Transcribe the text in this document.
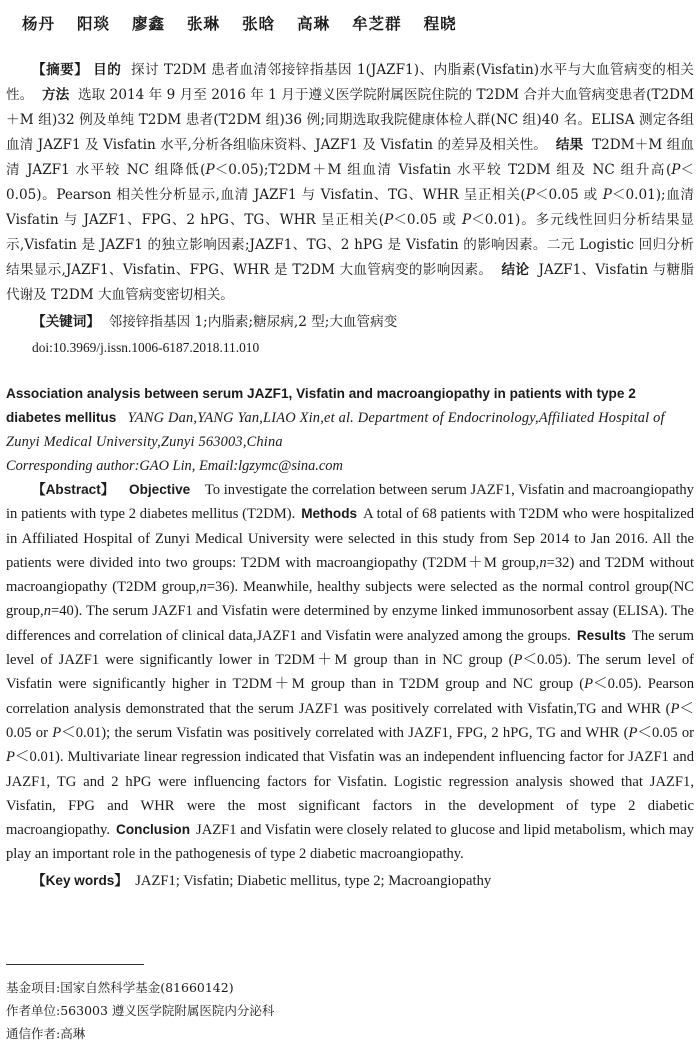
杨丹 阳琰 廖鑫 张琳 张晗 高琳 牟芝群 程晓

【摘要】 目的 探讨 T2DM 患者血清邻接锌指基因 1(JAZF1)、内脂素(Visfatin)水平与大血管病变的相关性。 方法 选取 2014 年 9 月至 2016 年 1 月于遵义医学院附属医院住院的 T2DM 合并大血管病变患者(T2DM＋M 组)32 例及单纯 T2DM 患者(T2DM 组)36 例;同期选取我院健康体检人群(NC 组)40 名。ELISA 测定各组血清 JAZF1 及 Visfatin 水平,分析各组临床资料、JAZF1 及 Visfatin 的差异及相关性。 结果 T2DM＋M 组血清 JAZF1 水平较 NC 组降低(P＜0.05);T2DM＋M 组血清 Visfatin 水平较 T2DM 组及 NC 组升高(P＜0.05)。Pearson 相关性分析显示,血清 JAZF1 与 Visfatin、TG、WHR 呈正相关(P＜0.05 或 P＜0.01);血清 Visfatin 与 JAZF1、FPG、2 hPG、TG、WHR 呈正相关(P＜0.05 或 P＜0.01)。多元线性回归分析结果显示,Visfatin 是 JAZF1 的独立影响因素;JAZF1、TG、2 hPG 是 Visfatin 的影响因素。二元 Logistic 回归分析结果显示,JAZF1、Visfatin、FPG、WHR 是 T2DM 大血管病变的影响因素。 结论 JAZF1、Visfatin 与糖脂代谢及 T2DM 大血管病变密切相关。

【关键词】 邻接锌指基因 1;内脂素;糖尿病,2 型;大血管病变

doi:10.3969/j.issn.1006-6187.2018.11.010

Association analysis between serum JAZF1, Visfatin and macroangiopathy in patients with type 2 diabetes mellitus YANG Dan,YANG Yan,LIAO Xin,et al. Department of Endocrinology,Affiliated Hospital of Zunyi Medical University,Zunyi 563003,China

Corresponding author:GAO Lin, Email:lgzymc@sina.com

【Abstract】 Objective To investigate the correlation between serum JAZF1, Visfatin and macroangiopathy in patients with type 2 diabetes mellitus (T2DM). Methods A total of 68 patients with T2DM who were hospitalized in Affiliated Hospital of Zunyi Medical University were selected in this study from Sep 2014 to Jan 2016. All the patients were divided into two groups: T2DM with macroangiopathy (T2DM＋M group,n=32) and T2DM without macroangiopathy (T2DM group,n=36). Meanwhile, healthy subjects were selected as the normal control group(NC group,n=40). The serum JAZF1 and Visfatin were determined by enzyme linked immunosorbent assay (ELISA). The differences and correlation of clinical data,JAZF1 and Visfatin were analyzed among the groups. Results The serum level of JAZF1 were significantly lower in T2DM＋M group than in NC group (P＜0.05). The serum level of Visfatin were significantly higher in T2DM＋M group than in T2DM group and NC group (P＜0.05). Pearson correlation analysis demonstrated that the serum JAZF1 was positively correlated with Visfatin,TG and WHR (P＜0.05 or P＜0.01); the serum Visfatin was positively correlated with JAZF1, FPG, 2 hPG, TG and WHR (P＜0.05 or P＜0.01). Multivariate linear regression indicated that Visfatin was an independent influencing factor for JAZF1 and JAZF1, TG and 2 hPG were influencing factors for Visfatin. Logistic regression analysis showed that JAZF1, Visfatin, FPG and WHR were the most significant factors in the development of type 2 diabetic macroangiopathy. Conclusion JAZF1 and Visfatin were closely related to glucose and lipid metabolism, which may play an important role in the pathogenesis of type 2 diabetic macroangiopathy.

【Key words】 JAZF1; Visfatin; Diabetic mellitus, type 2; Macroangiopathy

基金项目:国家自然科学基金(81660142)
作者单位:563003 遵义医学院附属医院内分泌科
通信作者:高琳
